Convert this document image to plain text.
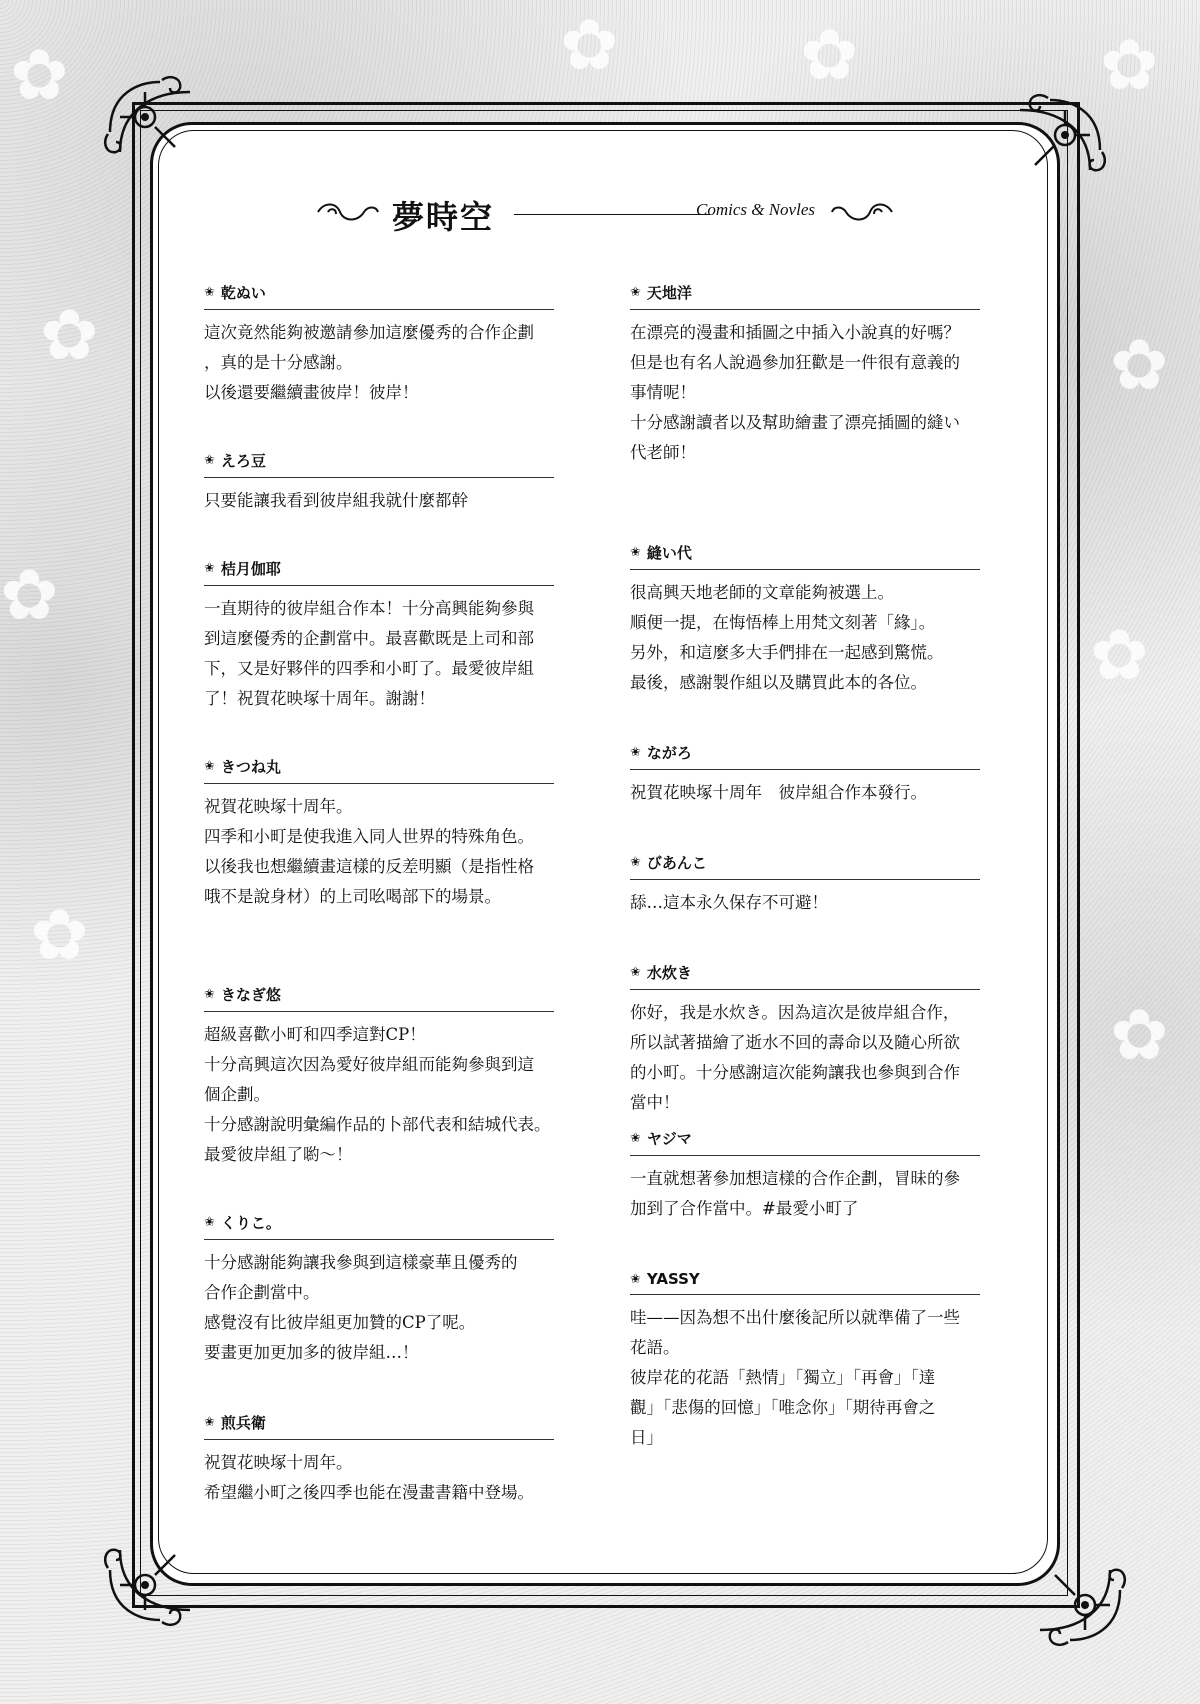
✿
✿
✿
✿
✿
✿
✿
✿
✿	✿
夢時空	Comics & Novles
✬ 乾ぬい

這次竟然能夠被邀請參加這麼優秀的合作企劃
，真的是十分感謝。
以後還要繼續畫彼岸！彼岸！

✬ えろ豆

只要能讓我看到彼岸組我就什麼都幹

✬ 桔月伽耶

一直期待的彼岸組合作本！十分高興能夠參與
到這麼優秀的企劃當中。最喜歡既是上司和部
下，又是好夥伴的四季和小町了。最愛彼岸組
了！祝賀花映塚十周年。謝謝！

✬ きつね丸

祝賀花映塚十周年。
四季和小町是使我進入同人世界的特殊角色。
以後我也想繼續畫這樣的反差明顯（是指性格
哦不是說身材）的上司吆喝部下的場景。

✬ きなぎ悠

超級喜歡小町和四季這對CP！
十分高興這次因為愛好彼岸組而能夠參與到這
個企劃。
十分感謝說明彙編作品的卜部代表和結城代表。
最愛彼岸組了喲～！

✬ くりこ。

十分感謝能夠讓我參與到這樣豪華且優秀的
合作企劃當中。
感覺沒有比彼岸組更加贊的CP了呢。
要畫更加更加多的彼岸組…！

✬ 煎兵衛

祝賀花映塚十周年。
希望繼小町之後四季也能在漫畫書籍中登場。

✬ 天地洋

在漂亮的漫畫和插圖之中插入小說真的好嗎？
但是也有名人說過參加狂歡是一件很有意義的
事情呢！
十分感謝讀者以及幫助繪畫了漂亮插圖的縫い
代老師！

✬ 縫い代

很高興天地老師的文章能夠被選上。
順便一提，在悔悟棒上用梵文刻著「緣」。
另外，和這麼多大手們排在一起感到驚慌。
最後，感謝製作組以及購買此本的各位。

✬ ながろ

祝賀花映塚十周年　彼岸組合作本發行。

✬ びあんこ

舔…這本永久保存不可避！

✬ 水炊き

你好，我是水炊き。因為這次是彼岸組合作，
所以試著描繪了逝水不回的壽命以及隨心所欲
的小町。十分感謝這次能夠讓我也參與到合作
當中！

✬ ヤジマ

一直就想著參加想這樣的合作企劃，冒昧的參
加到了合作當中。#最愛小町了

✬ YASSY

哇——因為想不出什麼後記所以就準備了一些
花語。
彼岸花的花語「熱情」「獨立」「再會」「達
觀」「悲傷的回憶」「唯念你」「期待再會之
日」
